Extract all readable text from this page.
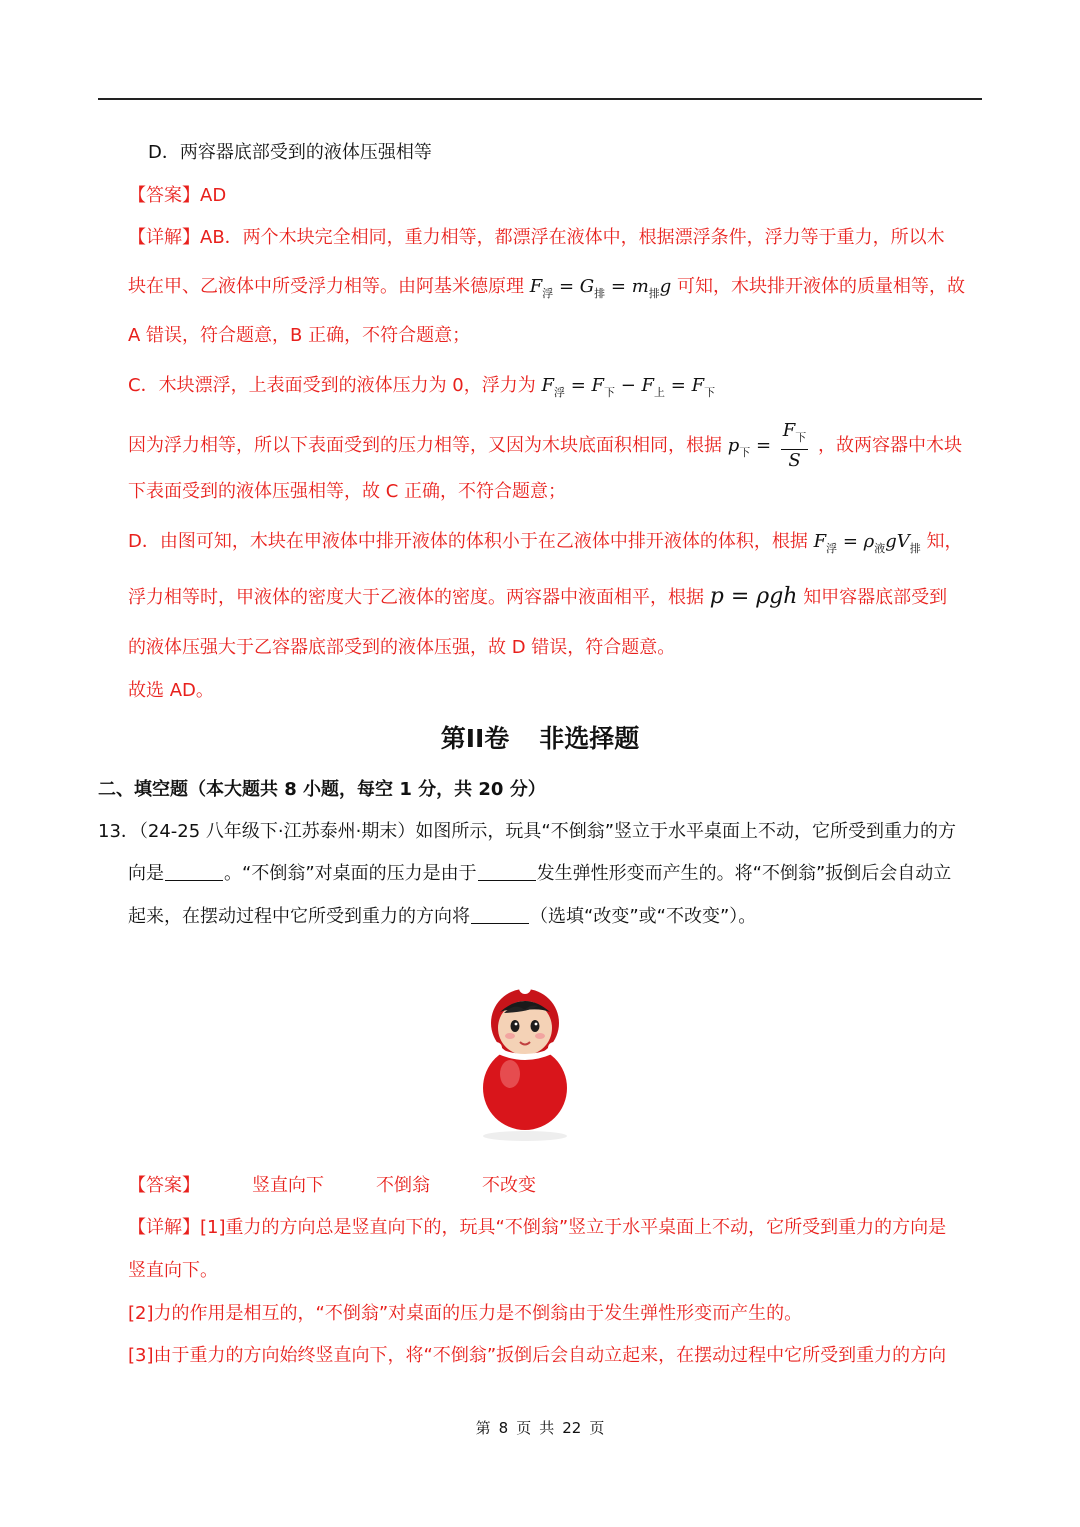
D．两容器底部受到的液体压强相等
【答案】AD
【详解】AB．两个木块完全相同，重力相等，都漂浮在液体中，根据漂浮条件，浮力等于重力，所以木
块在甲、乙液体中所受浮力相等。由阿基米德原理 $F_浮 = G_排 = m_排g$ 可知，木块排开液体的质量相等，故
A 错误，符合题意，B 正确，不符合题意；
C．木块漂浮，上表面受到的液体压力为 0，浮力为 $F_浮 = F_下 - F_上 = F_下$
因为浮力相等，所以下表面受到的压力相等，又因为木块底面积相同，根据 $p_下 = \frac{F_下}{S}$ ，故两容器中木块
下表面受到的液体压强相等，故 C 正确，不符合题意；
D．由图可知，木块在甲液体中排开液体的体积小于在乙液体中排开液体的体积，根据 $F_浮 = \rho_液gV_排$ 知，
浮力相等时，甲液体的密度大于乙液体的密度。两容器中液面相平，根据 p = ρgh 知甲容器底部受到
的液体压强大于乙容器底部受到的液体压强，故 D 错误，符合题意。
故选 AD。
第II卷 非选择题
二、填空题（本大题共 8 小题，每空 1 分，共 20 分）
13．（24-25 八年级下·江苏泰州·期末）如图所示，玩具“不倒翁”竖立于水平桌面上不动，它所受到重力的方
向是	。“不倒翁”对桌面的压力是由于	发生弹性形变而产生的。将“不倒翁”扳倒后会自动立
起来，在摆动过程中它所受到重力的方向将	（选填“改变”或“不改变”）。
【答案】	竖直向下	不倒翁	不改变
【详解】[1]重力的方向总是竖直向下的，玩具“不倒翁”竖立于水平桌面上不动，它所受到重力的方向是
竖直向下。
[2]力的作用是相互的，“不倒翁”对桌面的压力是不倒翁由于发生弹性形变而产生的。
[3]由于重力的方向始终竖直向下，将“不倒翁”扳倒后会自动立起来，在摆动过程中它所受到重力的方向
第 8 页 共 22 页
